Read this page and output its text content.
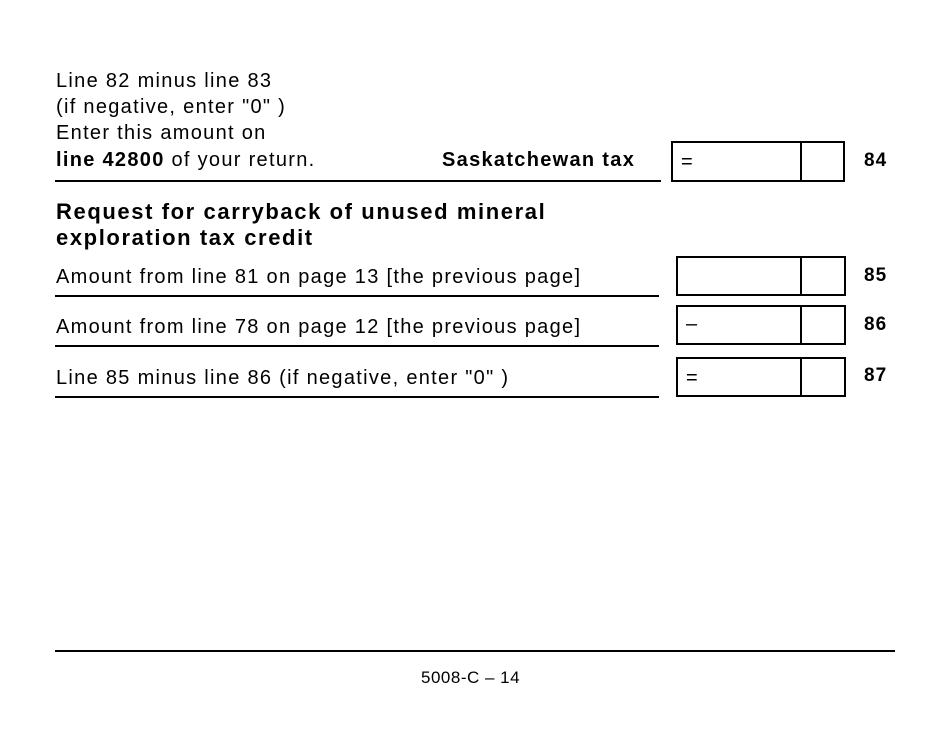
Line 82 minus line 83
(if negative, enter "0" )
Enter this amount on
line 42800 of your return.	Saskatchewan tax =	84
Request for carryback of unused mineral
exploration tax credit
Amount from line 81 on page 13 [the previous page]	85
Amount from line 78 on page 12 [the previous page]	–	86
Line 85 minus line 86 (if negative, enter "0" )	=	87
5008-C – 14
